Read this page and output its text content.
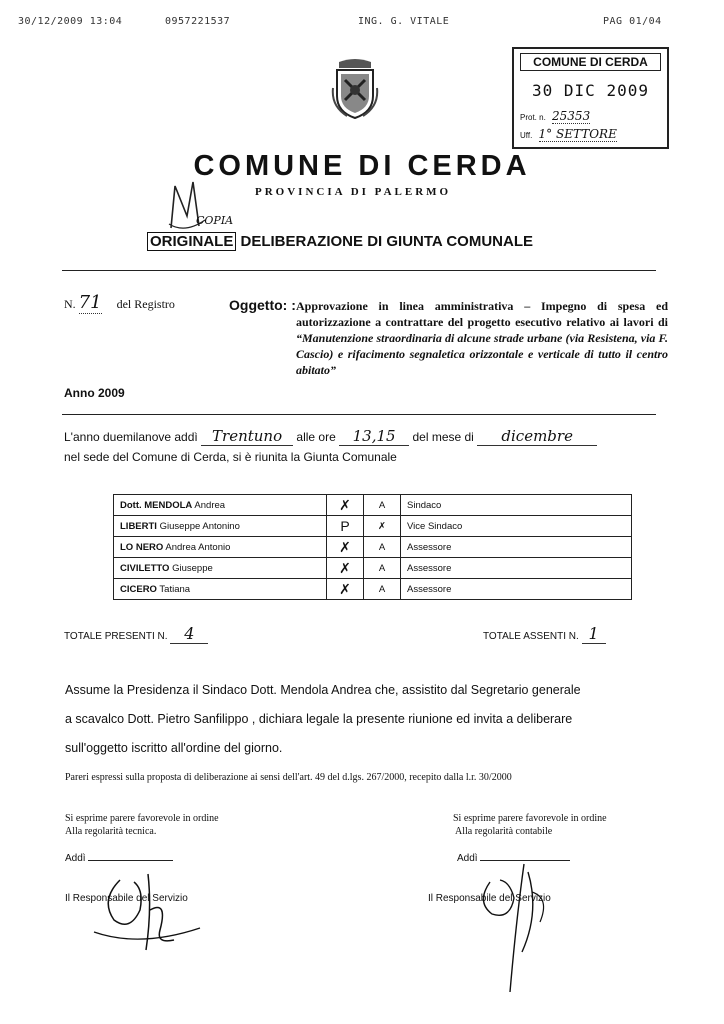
30/12/2009 13:04	0957221537	ING. G. VITALE	PAG 01/04
COMUNE DI CERDA
30 DIC 2009
Prot. n. 25353
Uff. 1° SETTORE
COMUNE DI CERDA
PROVINCIA DI PALERMO
COPIA
ORIGINALE DELIBERAZIONE DI GIUNTA COMUNALE
N. 71 del Registro	Oggetto: : Approvazione in linea amministrativa – Impegno di spesa ed autorizzazione a contrattare del progetto esecutivo relativo ai lavori di “Manutenzione straordinaria di alcune strade urbane (via Resistena, via F. Cascio) e rifacimento segnaletica orizzontale e verticale di tutto il centro abitato”
Anno 2009
L'anno duemilanove addì Trentuno alle ore 13,15 del mese di dicembre
nel sede del Comune di Cerda, si è riunita la Giunta Comunale
Dott. MENDOLA Andrea	✗	A	Sindaco
LIBERTI Giuseppe Antonino	P	✗	Vice Sindaco
LO NERO Andrea Antonio	✗	A	Assessore
CIVILETTO Giuseppe	✗	A	Assessore
CICERO Tatiana	✗	A	Assessore
TOTALE PRESENTI N. 4	TOTALE ASSENTI N. 1
Assume la Presidenza il Sindaco Dott. Mendola Andrea che, assistito dal Segretario generale
a scavalco Dott. Pietro Sanfilippo , dichiara legale la presente riunione ed invita a deliberare
sull'oggetto iscritto all'ordine del giorno.
Pareri espressi sulla proposta di deliberazione ai sensi dell'art. 49 del d.lgs. 267/2000, recepito dalla l.r. 30/2000
Si esprime parere favorevole in ordine
Alla regolarità tecnica.
Addì
Il Responsabile del Servizio
Si esprime parere favorevole in ordine
Alla regolarità contabile
Addì
Il Responsabile del Servizio
